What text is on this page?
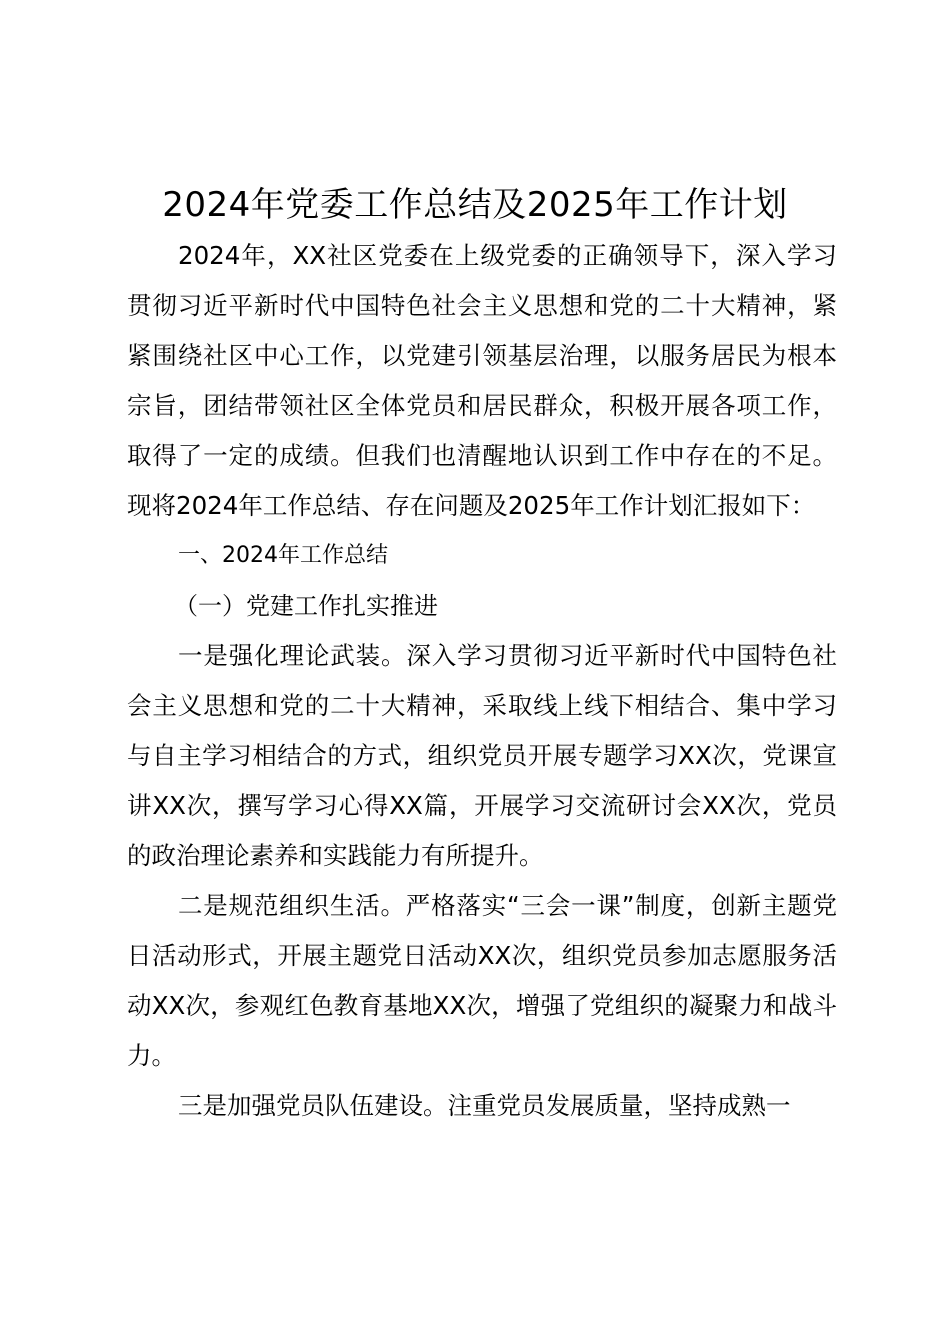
2024年党委工作总结及2025年工作计划

2024年，XX社区党委在上级党委的正确领导下，深入学习贯彻习近平新时代中国特色社会主义思想和党的二十大精神，紧紧围绕社区中心工作，以党建引领基层治理，以服务居民为根本宗旨，团结带领社区全体党员和居民群众，积极开展各项工作，取得了一定的成绩。但我们也清醒地认识到工作中存在的不足。现将2024年工作总结、存在问题及2025年工作计划汇报如下：

一、2024年工作总结

（一）党建工作扎实推进

一是强化理论武装。深入学习贯彻习近平新时代中国特色社会主义思想和党的二十大精神，采取线上线下相结合、集中学习与自主学习相结合的方式，组织党员开展专题学习XX次，党课宣讲XX次，撰写学习心得XX篇，开展学习交流研讨会XX次，党员的政治理论素养和实践能力有所提升。

二是规范组织生活。严格落实“三会一课”制度，创新主题党日活动形式，开展主题党日活动XX次，组织党员参加志愿服务活动XX次，参观红色教育基地XX次，增强了党组织的凝聚力和战斗力。

三是加强党员队伍建设。注重党员发展质量，坚持成熟一
